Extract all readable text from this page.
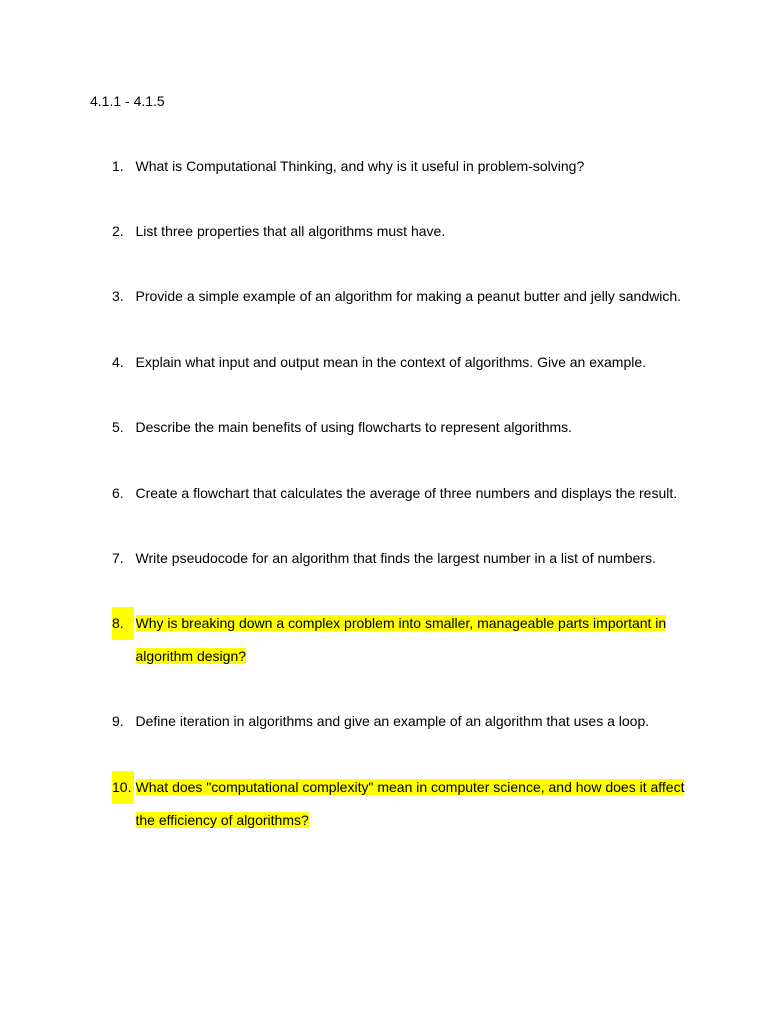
4.1.1 - 4.1.5
1. What is Computational Thinking, and why is it useful in problem-solving?
2. List three properties that all algorithms must have.
3. Provide a simple example of an algorithm for making a peanut butter and jelly sandwich.
4. Explain what input and output mean in the context of algorithms. Give an example.
5. Describe the main benefits of using flowcharts to represent algorithms.
6. Create a flowchart that calculates the average of three numbers and displays the result.
7. Write pseudocode for an algorithm that finds the largest number in a list of numbers.
8. Why is breaking down a complex problem into smaller, manageable parts important in
algorithm design?
9. Define iteration in algorithms and give an example of an algorithm that uses a loop.
10. What does "computational complexity" mean in computer science, and how does it affect
the efficiency of algorithms?
